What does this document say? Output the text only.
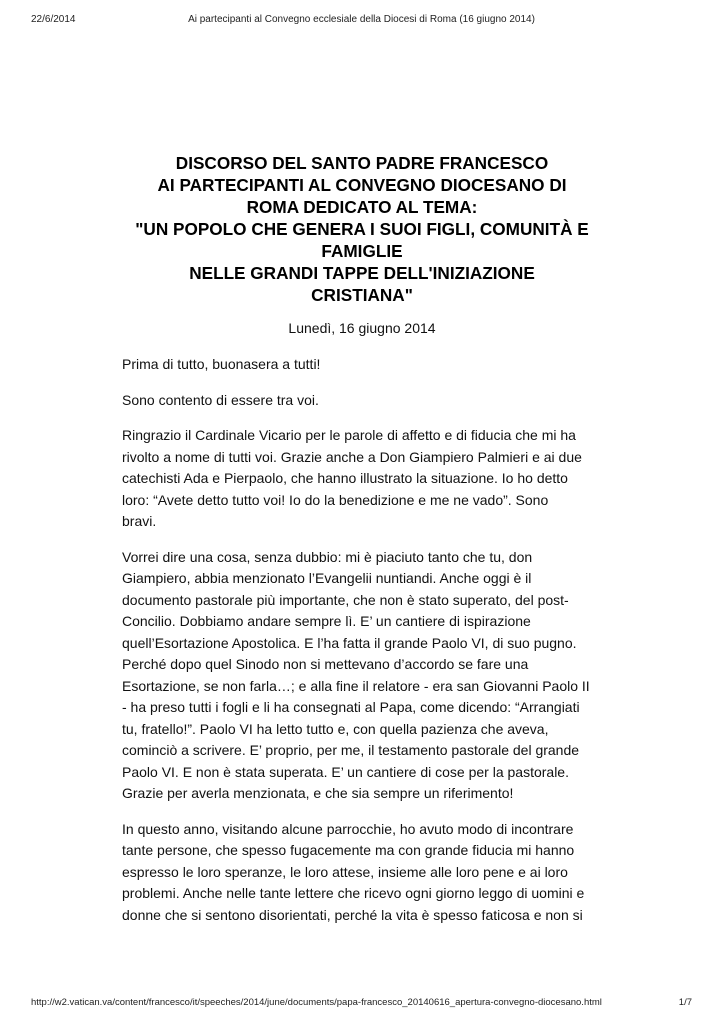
22/6/2014	Ai partecipanti al Convegno ecclesiale della Diocesi di Roma (16 giugno 2014)
DISCORSO DEL SANTO PADRE FRANCESCO
AI PARTECIPANTI AL CONVEGNO DIOCESANO DI
ROMA DEDICATO AL TEMA:
"UN POPOLO CHE GENERA I SUOI FIGLI, COMUNITÀ E
FAMIGLIE
NELLE GRANDI TAPPE DELL'INIZIAZIONE
CRISTIANA"
Lunedì, 16 giugno 2014

Prima di tutto, buonasera a tutti!

Sono contento di essere tra voi.

Ringrazio il Cardinale Vicario per le parole di affetto e di fiducia che mi ha
rivolto a nome di tutti voi. Grazie anche a Don Giampiero Palmieri e ai due
catechisti Ada e Pierpaolo, che hanno illustrato la situazione. Io ho detto
loro: “Avete detto tutto voi! Io do la benedizione e me ne vado”. Sono
bravi.

Vorrei dire una cosa, senza dubbio: mi è piaciuto tanto che tu, don
Giampiero, abbia menzionato l’Evangelii nuntiandi. Anche oggi è il
documento pastorale più importante, che non è stato superato, del post-
Concilio. Dobbiamo andare sempre lì. E’ un cantiere di ispirazione
quell’Esortazione Apostolica. E l’ha fatta il grande Paolo VI, di suo pugno.
Perché dopo quel Sinodo non si mettevano d’accordo se fare una
Esortazione, se non farla…; e alla fine il relatore - era san Giovanni Paolo II
- ha preso tutti i fogli e li ha consegnati al Papa, come dicendo: “Arrangiati
tu, fratello!”. Paolo VI ha letto tutto e, con quella pazienza che aveva,
cominciò a scrivere. E’ proprio, per me, il testamento pastorale del grande
Paolo VI. E non è stata superata. E’ un cantiere di cose per la pastorale.
Grazie per averla menzionata, e che sia sempre un riferimento!

In questo anno, visitando alcune parrocchie, ho avuto modo di incontrare
tante persone, che spesso fugacemente ma con grande fiducia mi hanno
espresso le loro speranze, le loro attese, insieme alle loro pene e ai loro
problemi. Anche nelle tante lettere che ricevo ogni giorno leggo di uomini e
donne che si sentono disorientati, perché la vita è spesso faticosa e non si

http://w2.vatican.va/content/francesco/it/speeches/2014/june/documents/papa-francesco_20140616_apertura-convegno-diocesano.html	1/7
